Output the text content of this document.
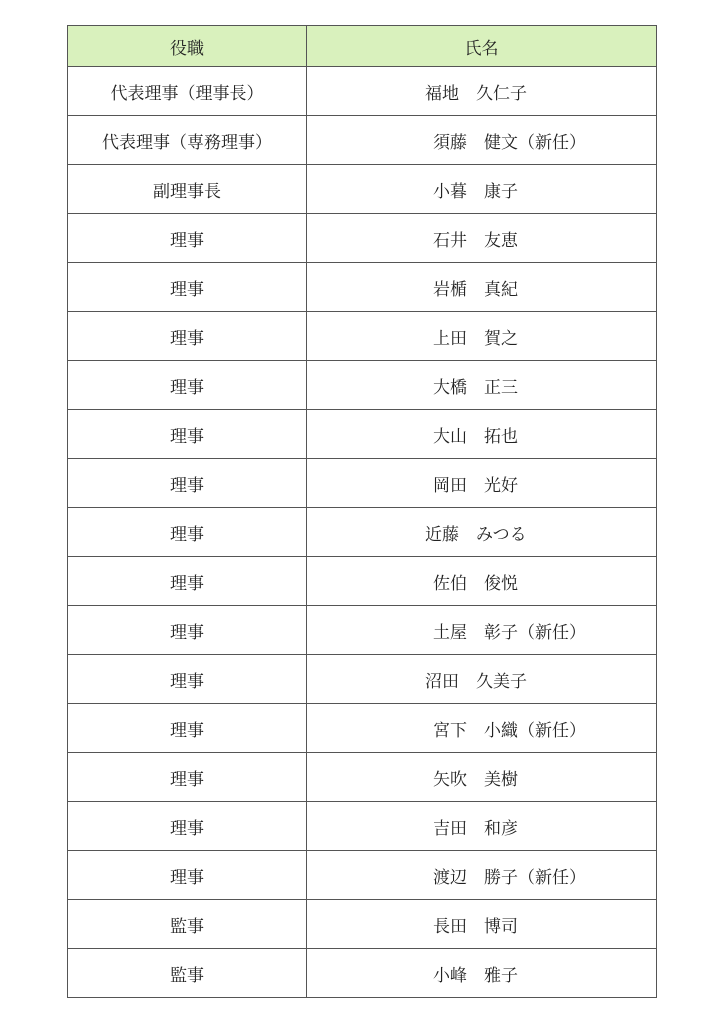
役職	氏名
代表理事（理事長）	福地　久仁子
代表理事（専務理事）	須藤　健文（新任）
副理事長	小暮　康子
理事	石井　友恵
理事	岩楯　真紀
理事	上田　賀之
理事	大橋　正三
理事	大山　拓也
理事	岡田　光好
理事	近藤　みつる
理事	佐伯　俊悦
理事	土屋　彰子（新任）
理事	沼田　久美子
理事	宮下　小織（新任）
理事	矢吹　美樹
理事	吉田　和彦
理事	渡辺　勝子（新任）
監事	長田　博司
監事	小峰　雅子
